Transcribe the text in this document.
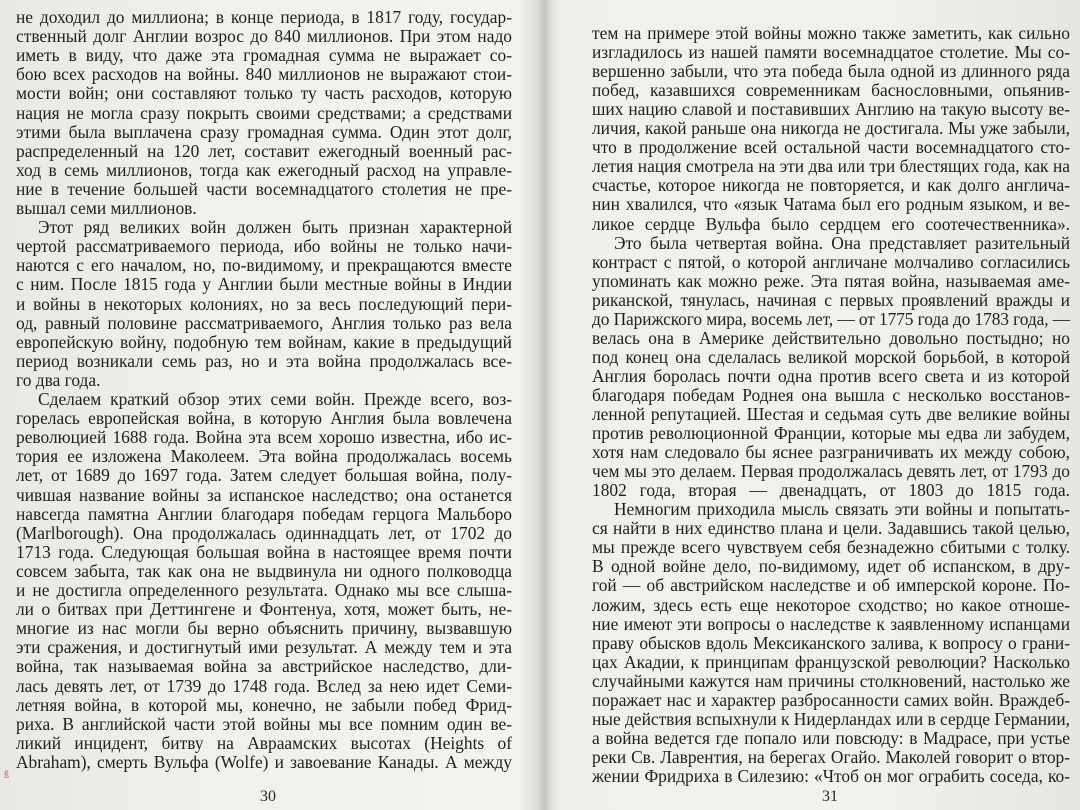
30
не доходил до миллиона; в конце периода, в 1817 году, государ-
ственный долг Англии возрос до 840 миллионов. При этом надо
иметь в виду, что даже эта громадная сумма не выражает со-
бою всех расходов на войны. 840 миллионов не выражают стои-
мости войн; они составляют только ту часть расходов, которую
нация не могла сразу покрыть своими средствами; а средствами
этими была выплачена сразу громадная сумма. Один этот долг,
распределенный на 120 лет, составит ежегодный военный рас-
ход в семь миллионов, тогда как ежегодный расход на управле-
ние в течение большей части восемнадцатого столетия не пре-
вышал семи миллионов.
Этот ряд великих войн должен быть признан характерной
чертой рассматриваемого периода, ибо войны не только начи-
наются с его началом, но, по-видимому, и прекращаются вместе
с ним. После 1815 года у Англии были местные войны в Индии
и войны в некоторых колониях, но за весь последующий пери-
од, равный половине рассматриваемого, Англия только раз вела
европейскую войну, подобную тем войнам, какие в предыдущий
период возникали семь раз, но и эта война продолжалась все-
го два года.
Сделаем краткий обзор этих семи войн. Прежде всего, воз-
горелась европейская война, в которую Англия была вовлечена
революцией 1688 года. Война эта всем хорошо известна, ибо ис-
тория ее изложена Маколеем. Эта война продолжалась восемь
лет, от 1689 до 1697 года. Затем следует большая война, полу-
чившая название войны за испанское наследство; она останется
навсегда памятна Англии благодаря победам герцога Мальборо
(Marlborough). Она продолжалась одиннадцать лет, от 1702 до
1713 года. Следующая большая война в настоящее время почти
совсем забыта, так как она не выдвинула ни одного полководца
и не достигла определенного результата. Однако мы все слыша-
ли о битвах при Деттингене и Фонтенуа, хотя, может быть, не-
многие из нас могли бы верно объяснить причину, вызвавшую
эти сражения, и достигнутый ими результат. А между тем и эта
война, так называемая война за австрийское наследство, дли-
лась девять лет, от 1739 до 1748 года. Вслед за нею идет Семи-
летняя война, в которой мы, конечно, не забыли побед Фрид-
риха. В английской части этой войны мы все помним один ве-
ликий инцидент, битву на Авраамских высотах (Heights of
Abraham), смерть Вульфа (Wolfe) и завоевание Канады. А между
31
тем на примере этой войны можно также заметить, как сильно
изгладилось из нашей памяти восемнадцатое столетие. Мы со-
вершенно забыли, что эта победа была одной из длинного ряда
побед, казавшихся современникам баснословными, опьянив-
ших нацию славой и поставивших Англию на такую высоту ве-
личия, какой раньше она никогда не достигала. Мы уже забыли,
что в продолжение всей остальной части восемнадцатого сто-
летия нация смотрела на эти два или три блестящих года, как на
счастье, которое никогда не повторяется, и как долго англича-
нин хвалился, что «язык Чатама был его родным языком, и ве-
ликое сердце Вульфа было сердцем его соотечественника».
Это была четвертая война. Она представляет разительный
контраст с пятой, о которой англичане молчаливо согласились
упоминать как можно реже. Эта пятая война, называемая аме-
риканской, тянулась, начиная с первых проявлений вражды и
до Парижского мира, восемь лет, — от 1775 года до 1783 года, —
велась она в Америке действительно довольно постыдно; но
под конец она сделалась великой морской борьбой, в которой
Англия боролась почти одна против всего света и из которой
благодаря победам Роднея она вышла с несколько восстанов-
ленной репутацией. Шестая и седьмая суть две великие войны
против революционной Франции, которые мы едва ли забудем,
хотя нам следовало бы яснее разграничивать их между собою,
чем мы это делаем. Первая продолжалась девять лет, от 1793 до
1802 года, вторая — двенадцать, от 1803 до 1815 года.
Немногим приходила мысль связать эти войны и попытать-
ся найти в них единство плана и цели. Задавшись такой целью,
мы прежде всего чувствуем себя безнадежно сбитыми с толку.
В одной войне дело, по-видимому, идет об испанском, в дру-
гой — об австрийском наследстве и об имперской короне. По-
ложим, здесь есть еще некоторое сходство; но какое отноше-
ние имеют эти вопросы о наследстве к заявленному испанцами
праву обысков вдоль Мексиканского залива, к вопросу о грани-
цах Акадии, к принципам французской революции? Насколько
случайными кажутся нам причины столкновений, настолько же
поражает нас и характер разбросанности самих войн. Враждеб-
ные действия вспыхнули к Нидерландах или в сердце Германии,
а война ведется где попало или повсюду: в Мадрасе, при устье
реки Св. Лаврентия, на берегах Огайо. Маколей говорит о втор-
жении Фридриха в Силезию: «Чтоб он мог ограбить соседа, ко-
ß
